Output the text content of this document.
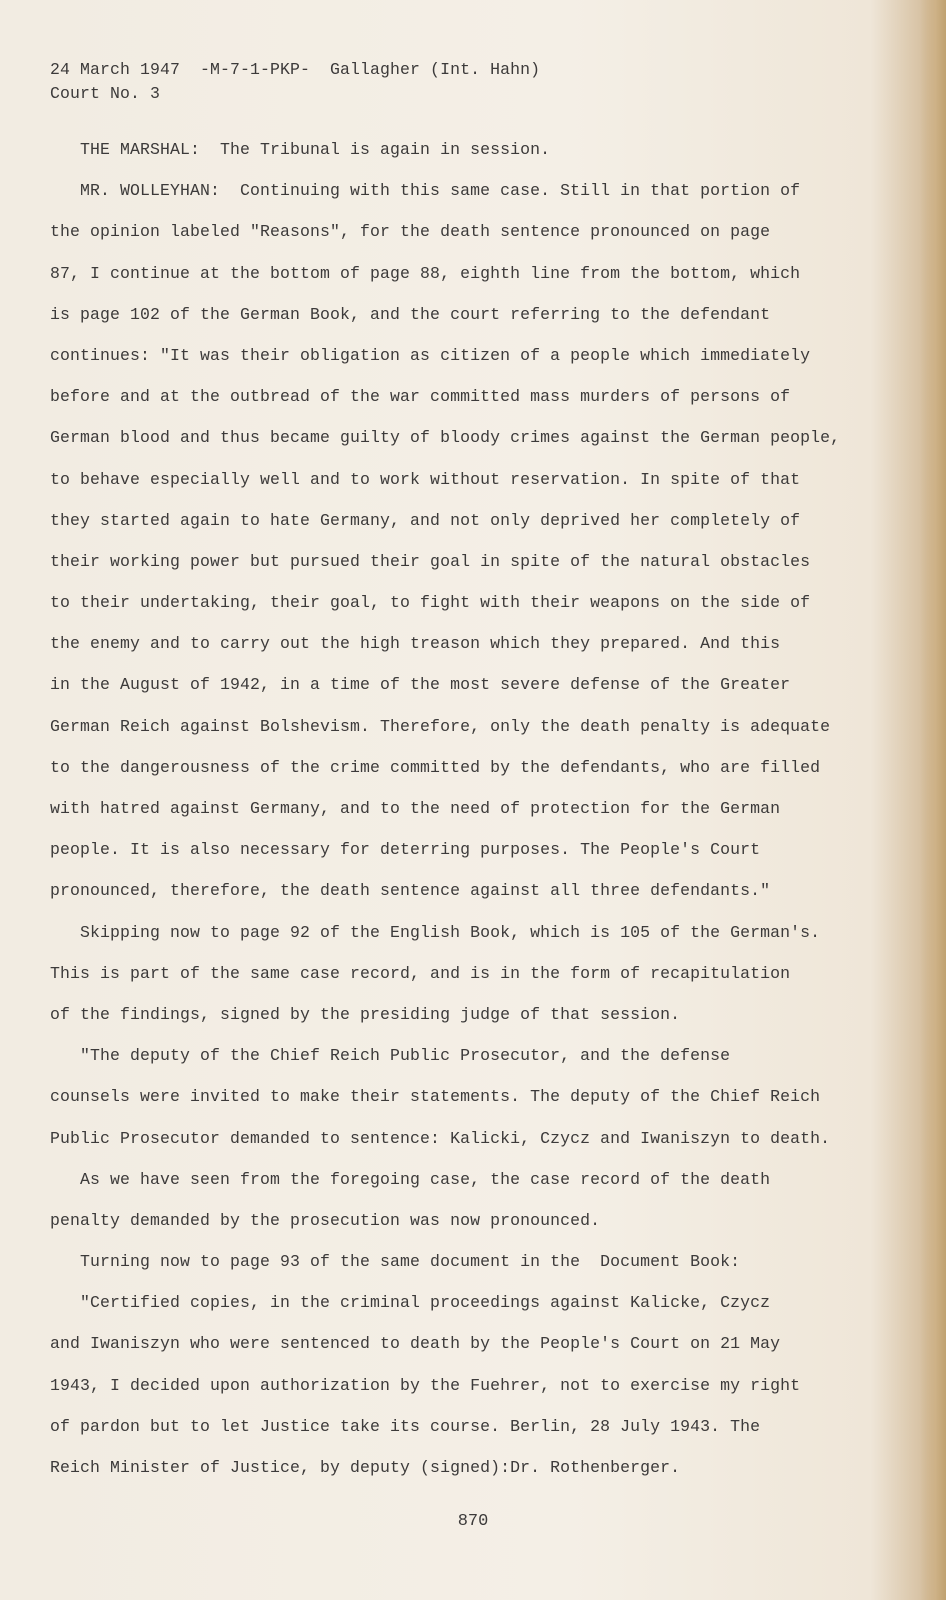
24 March 1947  -M-7-1-PKP-  Gallagher (Int. Hahn)
Court No. 3
THE MARSHAL:  The Tribunal is again in session.
MR. WOLLEYHAN:  Continuing with this same case. Still in that portion of
the opinion labeled "Reasons", for the death sentence pronounced on page
87, I continue at the bottom of page 88, eighth line from the bottom, which
is page 102 of the German Book, and the court referring to the defendant
continues: "It was their obligation as citizen of a people which immediately
before and at the outbread of the war committed mass murders of persons of
German blood and thus became guilty of bloody crimes against the German people,
to behave especially well and to work without reservation. In spite of that
they started again to hate Germany, and not only deprived her completely of
their working power but pursued their goal in spite of the natural obstacles
to their undertaking, their goal, to fight with their weapons on the side of
the enemy and to carry out the high treason which they prepared. And this
in the August of 1942, in a time of the most severe defense of the Greater
German Reich against Bolshevism. Therefore, only the death penalty is adequate
to the dangerousness of the crime committed by the defendants, who are filled
with hatred against Germany, and to the need of protection for the German
people. It is also necessary for deterring purposes. The People's Court
pronounced, therefore, the death sentence against all three defendants."
Skipping now to page 92 of the English Book, which is 105 of the German's.
This is part of the same case record, and is in the form of recapitulation
of the findings, signed by the presiding judge of that session.
"The deputy of the Chief Reich Public Prosecutor, and the defense
counsels were invited to make their statements. The deputy of the Chief Reich
Public Prosecutor demanded to sentence: Kalicki, Czycz and Iwaniszyn to death.
As we have seen from the foregoing case, the case record of the death
penalty demanded by the prosecution was now pronounced.
Turning now to page 93 of the same document in the  Document Book:
"Certified copies, in the criminal proceedings against Kalicke, Czycz
and Iwaniszyn who were sentenced to death by the People's Court on 21 May
1943, I decided upon authorization by the Fuehrer, not to exercise my right
of pardon but to let Justice take its course. Berlin, 28 July 1943. The
Reich Minister of Justice, by deputy (signed):Dr. Rothenberger.
870
